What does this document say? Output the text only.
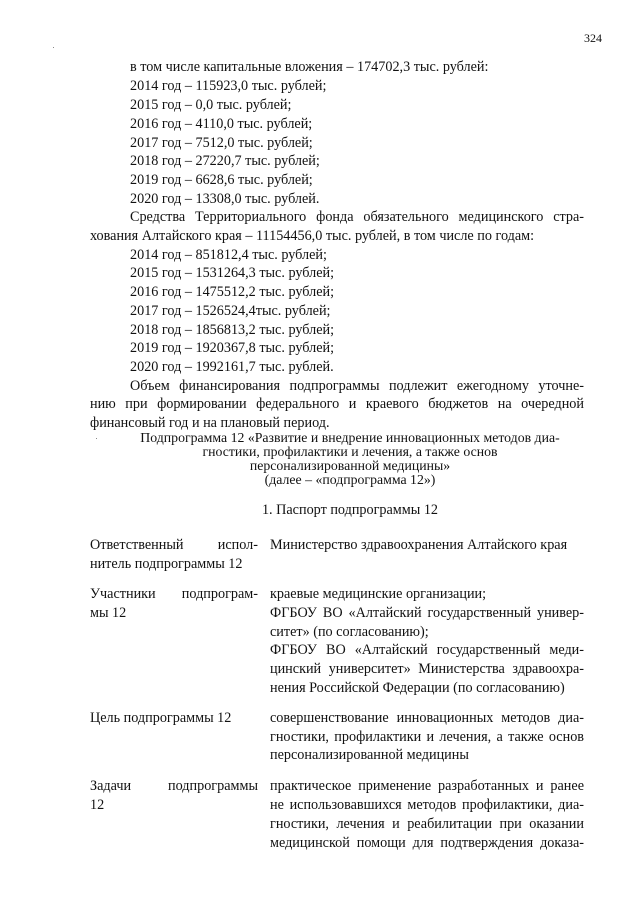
324
в том числе капитальные вложения – 174702,3 тыс. рублей:
2014 год – 115923,0 тыс. рублей;
2015 год – 0,0 тыс. рублей;
2016 год – 4110,0 тыс. рублей;
2017 год – 7512,0 тыс. рублей;
2018 год – 27220,7 тыс. рублей;
2019 год – 6628,6 тыс. рублей;
2020 год – 13308,0 тыс. рублей.
Средства Территориального фонда обязательного медицинского стра-
хования Алтайского края – 11154456,0 тыс. рублей, в том числе по годам:
2014 год – 851812,4 тыс. рублей;
2015 год – 1531264,3 тыс. рублей;
2016 год – 1475512,2 тыс. рублей;
2017 год – 1526524,4тыс. рублей;
2018 год – 1856813,2 тыс. рублей;
2019 год – 1920367,8 тыс. рублей;
2020 год – 1992161,7 тыс. рублей.
Объем финансирования подпрограммы подлежит ежегодному уточне-
нию при формировании федерального и краевого бюджетов на очередной
финансовый год и на плановый период.
Подпрограмма 12 «Развитие и внедрение инновационных методов диа-
гностики, профилактики и лечения, а также основ
персонализированной медицины»
(далее – «подпрограмма 12»)
1. Паспорт подпрограммы 12
Ответственный испол-
нитель подпрограммы 12
Министерство здравоохранения Алтайского края
Участники подпрограм-
мы 12
краевые медицинские организации;
ФГБОУ ВО «Алтайский государственный универ-
ситет» (по согласованию);
ФГБОУ ВО «Алтайский государственный меди-
цинский университет» Министерства здравоохра-
нения Российской Федерации (по согласованию)
Цель подпрограммы 12	совершенствование инновационных методов диа-
гностики, профилактики и лечения, а также основ
персонализированной медицины
Задачи	подпрограммы
12
практическое применение разработанных и ранее
не использовавшихся методов профилактики, диа-
гностики, лечения и реабилитации при оказании
медицинской помощи для подтверждения доказа-
